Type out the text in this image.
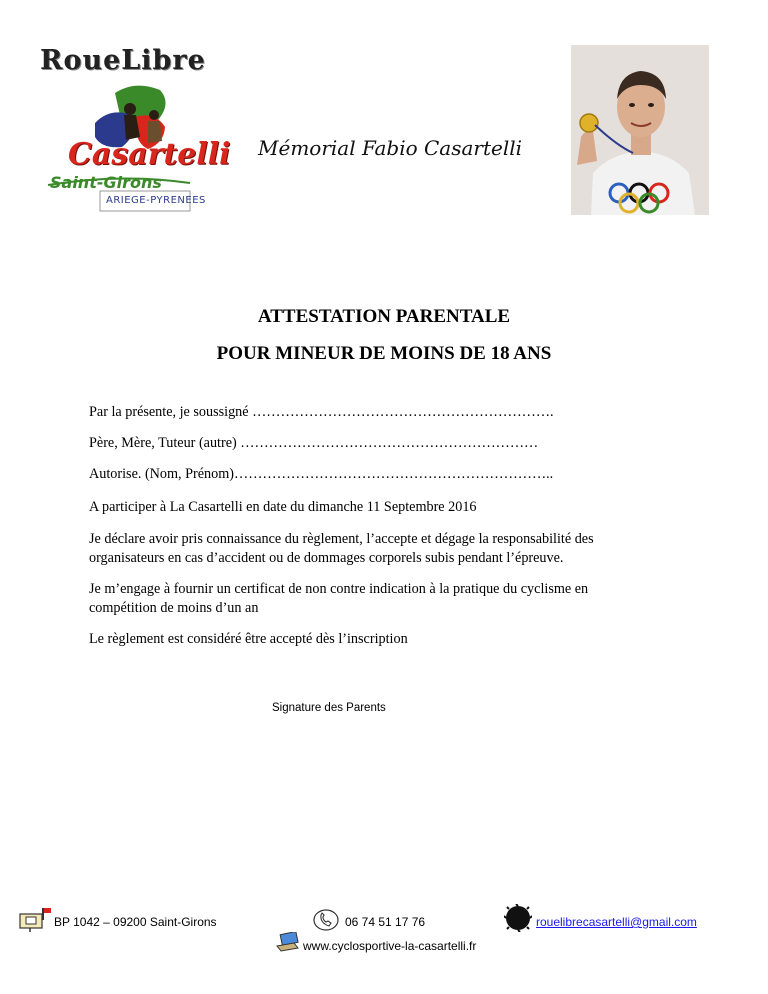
RoueLibre
Casartelli
Saint-Girons
ARIEGE-PYRENEES
Mémorial Fabio Casartelli
ATTESTATION PARENTALE
POUR MINEUR DE MOINS DE 18 ANS
Par la présente, je soussigné ……………………………………………………….
Père, Mère, Tuteur (autre) ………………………………………………………
Autorise. (Nom, Prénom)…………………………………………………………..
A participer à La Casartelli en date du dimanche 11 Septembre 2016
Je déclare avoir pris connaissance du règlement, l’accepte et dégage la responsabilité des
organisateurs en cas d’accident ou de dommages corporels subis pendant l’épreuve.
Je m’engage à fournir un certificat de non contre indication à la pratique du cyclisme en
compétition de moins d’un an
Le règlement est considéré être accepté dès l’inscription
Signature des Parents
BP 1042 – 09200 Saint-Girons	06 74 51 17 76
www.cyclosportive-la-casartelli.fr
rouelibrecasartelli@gmail.com
